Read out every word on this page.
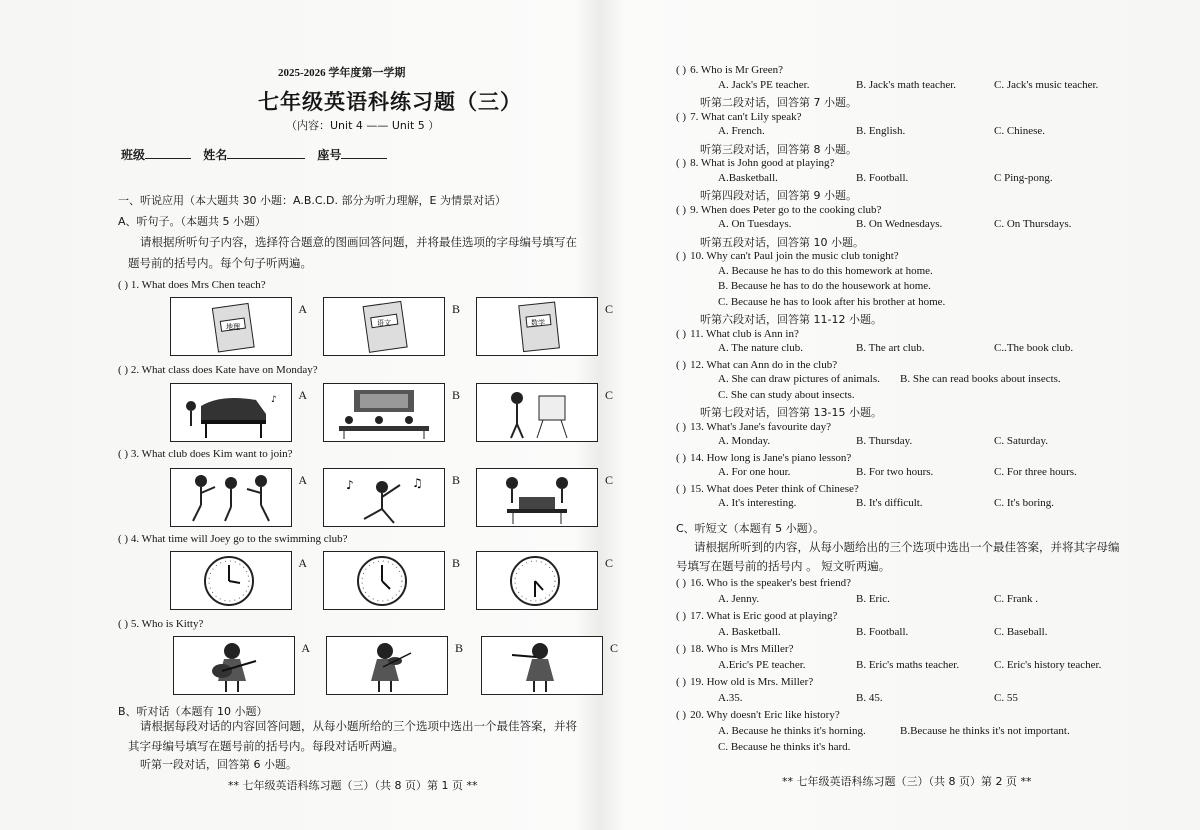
2025-2026 学年度第一学期
七年级英语科练习题（三）
（内容：Unit 4 —— Unit 5 ）
班级	姓名	座号
一、听说应用（本大题共 30 小题：A.B.C.D. 部分为听力理解，E 为情景对话）
A、听句子。（本题共 5 小题）
请根据所听句子内容，选择符合题意的图画回答问题，并将最佳选项的字母编号填写在
题号前的括号内。每个句子听两遍。
( ) 1. What does Mrs Chen teach?
地理
A
语文
B
数学
C
( ) 2. What class does Kate have on Monday?
♪ A	B	C
( ) 3. What club does Kim want to join?
A	♪	♫ B	C
( ) 4. What time will Joey go to the swimming club?
A	B	C
( ) 5. Who is Kitty?
A	B	C
B、听对话（本题有 10 小题）
请根据每段对话的内容回答问题，从每小题所给的三个选项中选出一个最佳答案，并将
其字母编号填写在题号前的括号内。每段对话听两遍。
听第一段对话，回答第 6 小题。
** 七年级英语科练习题（三）（共 8 页）第 1 页 **
( ) 6. Who is Mr Green?
A. Jack's PE teacher.	B. Jack's math teacher.	C. Jack's music teacher.
听第二段对话，回答第 7 小题。
( ) 7. What can't Lily speak?
A. French.	B. English.	C. Chinese.
听第三段对话，回答第 8 小题。
( ) 8. What is John good at playing?
A.Basketball.	B. Football.	C Ping-pong.
听第四段对话，回答第 9 小题。
( ) 9. When does Peter go to the cooking club?
A. On Tuesdays.	B. On Wednesdays.	C. On Thursdays.
听第五段对话，回答第 10 小题。
( ) 10. Why can't Paul join the music club tonight?
A. Because he has to do this homework at home.
B. Because he has to do the housework at home.
C. Because he has to look after his brother at home.
听第六段对话，回答第 11-12 小题。
( ) 11. What club is Ann in?
A. The nature club.	B. The art club.	C..The book club.
( ) 12. What can Ann do in the club?
A. She can draw pictures of animals. B. She can read books about insects.
C. She can study about insects.
听第七段对话，回答第 13-15 小题。
( ) 13. What's Jane's favourite day?
A. Monday.	B. Thursday.	C. Saturday.
( ) 14. How long is Jane's piano lesson?
A. For one hour.	B. For two hours.	C. For three hours.
( ) 15. What does Peter think of Chinese?
A. It's interesting.	B. It's difficult.	C. It's boring.
C、听短文（本题有 5 小题）。
请根据所听到的内容，从每小题给出的三个选项中选出一个最佳答案，并将其字母编
号填写在题号前的括号内 。 短文听两遍。
( ) 16. Who is the speaker's best friend?
A. Jenny.	B. Eric.	C. Frank .
( ) 17. What is Eric good at playing?
A. Basketball.	B. Football.	C. Baseball.
( ) 18. Who is Mrs Miller?
A.Eric's PE teacher.	B. Eric's maths teacher.	C. Eric's history teacher.
( ) 19. How old is Mrs. Miller?
A.35.	B. 45.	C. 55
( ) 20. Why doesn't Eric like history?
A. Because he thinks it's horning.	B.Because he thinks it's not important.
C. Because he thinks it's hard.
** 七年级英语科练习题（三）（共 8 页）第 2 页 **
